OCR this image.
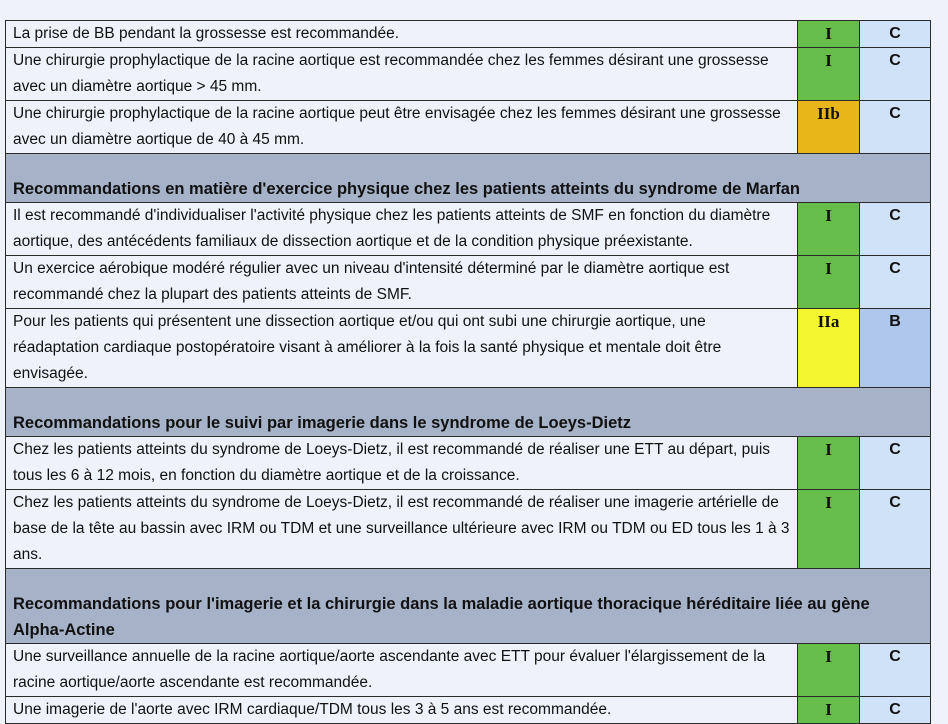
La prise de BB pendant la grossesse est recommandée.	I	C
Une chirurgie prophylactique de la racine aortique est recommandée chez les femmes désirant une grossesse avec un diamètre aortique > 45 mm.	I	C
Une chirurgie prophylactique de la racine aortique peut être envisagée chez les femmes désirant une grossesse avec un diamètre aortique de 40 à 45 mm.	IIb	C
Recommandations en matière d'exercice physique chez les patients atteints du syndrome de Marfan		
Il est recommandé d'individualiser l'activité physique chez les patients atteints de SMF en fonction du diamètre aortique, des antécédents familiaux de dissection aortique et de la condition physique préexistante.	I	C
Un exercice aérobique modéré régulier avec un niveau d'intensité déterminé par le diamètre aortique est recommandé chez la plupart des patients atteints de SMF.	I	C
Pour les patients qui présentent une dissection aortique et/ou qui ont subi une chirurgie aortique, une réadaptation cardiaque postopératoire visant à améliorer à la fois la santé physique et mentale doit être envisagée.	IIa	B
Recommandations pour le suivi par imagerie dans le syndrome de Loeys-Dietz		
Chez les patients atteints du syndrome de Loeys-Dietz, il est recommandé de réaliser une ETT au départ, puis tous les 6 à 12 mois, en fonction du diamètre aortique et de la croissance.	I	C
Chez les patients atteints du syndrome de Loeys-Dietz, il est recommandé de réaliser une imagerie artérielle de base de la tête au bassin avec IRM ou TDM et une surveillance ultérieure avec IRM ou TDM ou ED tous les 1 à 3 ans.	I	C
Recommandations pour l'imagerie et la chirurgie dans la maladie aortique thoracique héréditaire liée au gène Alpha-Actine		
Une surveillance annuelle de la racine aortique/aorte ascendante avec ETT pour évaluer l'élargissement de la racine aortique/aorte ascendante est recommandée.	I	C
Une imagerie de l'aorte avec IRM cardiaque/TDM tous les 3 à 5 ans est recommandée.	I	C
